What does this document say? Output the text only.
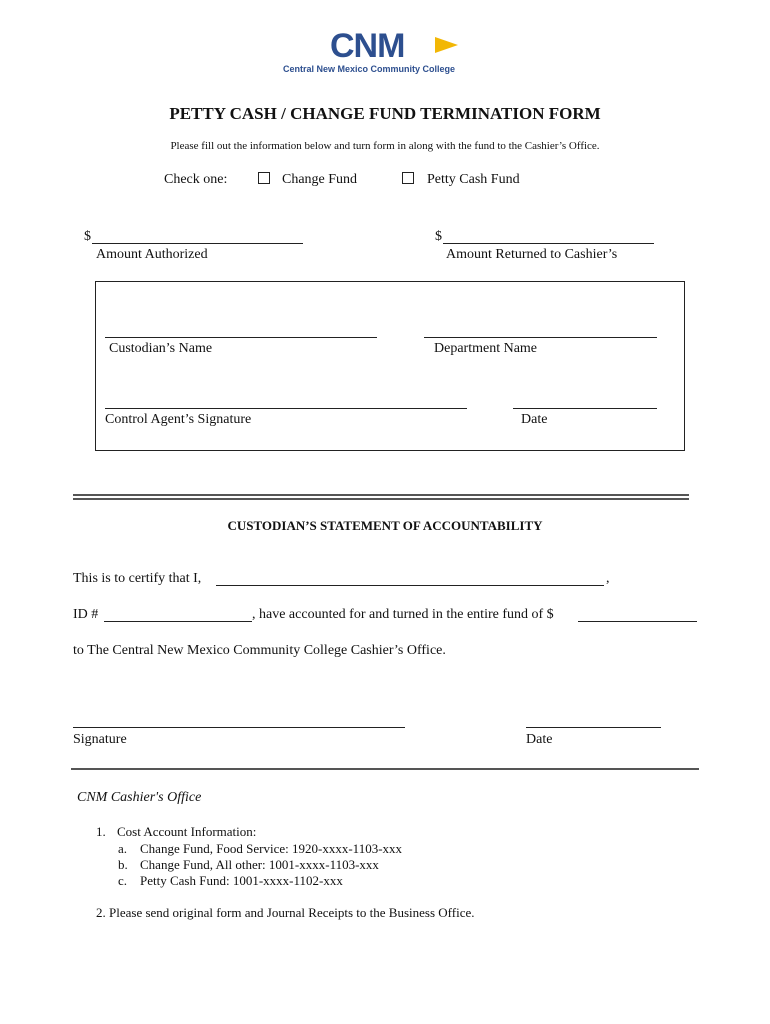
CNM
Central New Mexico Community College
PETTY CASH / CHANGE FUND TERMINATION FORM
Please fill out the information below and turn form in along with the fund to the Cashier’s Office.
Check one:	Change Fund	Petty Cash Fund
$
Amount Authorized
$
Amount Returned to Cashier’s
Custodian’s Name	Department Name
Control Agent’s Signature	Date
CUSTODIAN’S STATEMENT OF ACCOUNTABILITY
This is to certify that I,	,
ID #	, have accounted for and turned in the entire fund of $
to The Central New Mexico Community College Cashier’s Office.
Signature	Date
CNM Cashier's Office
1. Cost Account Information:
a. Change Fund, Food Service: 1920-xxxx-1103-xxx
b. Change Fund, All other: 1001-xxxx-1103-xxx
c. Petty Cash Fund: 1001-xxxx-1102-xxx
2. Please send original form and Journal Receipts to the Business Office.
